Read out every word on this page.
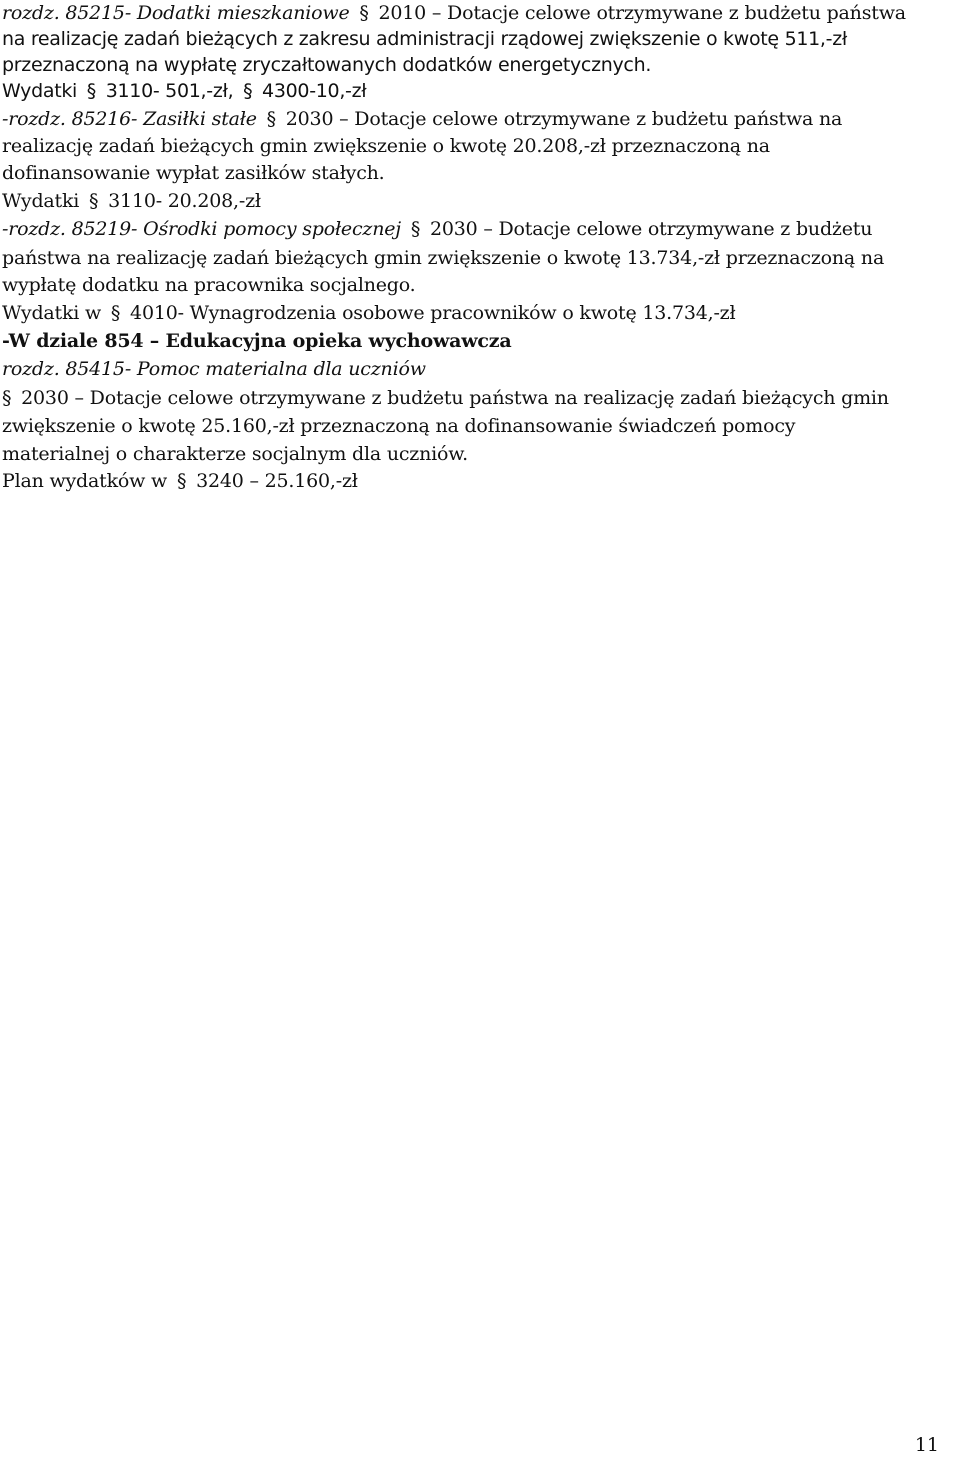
rozdz. 85215- Dodatki mieszkaniowe § 2010 – Dotacje celowe otrzymywane z budżetu państwa
na realizację zadań bieżących z zakresu administracji rządowej zwiększenie o kwotę 511,-zł
przeznaczoną na wypłatę zryczałtowanych dodatków energetycznych.
Wydatki § 3110- 501,-zł, § 4300-10,-zł
-rozdz. 85216- Zasiłki stałe § 2030 – Dotacje celowe otrzymywane z budżetu państwa na
realizację zadań bieżących gmin zwiększenie o kwotę 20.208,-zł przeznaczoną na
dofinansowanie wypłat zasiłków stałych.
Wydatki § 3110- 20.208,-zł
-rozdz. 85219- Ośrodki pomocy społecznej § 2030 – Dotacje celowe otrzymywane z budżetu
państwa na realizację zadań bieżących gmin zwiększenie o kwotę 13.734,-zł przeznaczoną na
wypłatę dodatku na pracownika socjalnego.
Wydatki w § 4010- Wynagrodzenia osobowe pracowników o kwotę 13.734,-zł
-W dziale 854 – Edukacyjna opieka wychowawcza
rozdz. 85415- Pomoc materialna dla uczniów
§ 2030 – Dotacje celowe otrzymywane z budżetu państwa na realizację zadań bieżących gmin
zwiększenie o kwotę 25.160,-zł przeznaczoną na dofinansowanie świadczeń pomocy
materialnej o charakterze socjalnym dla uczniów.
Plan wydatków w § 3240 – 25.160,-zł
11
